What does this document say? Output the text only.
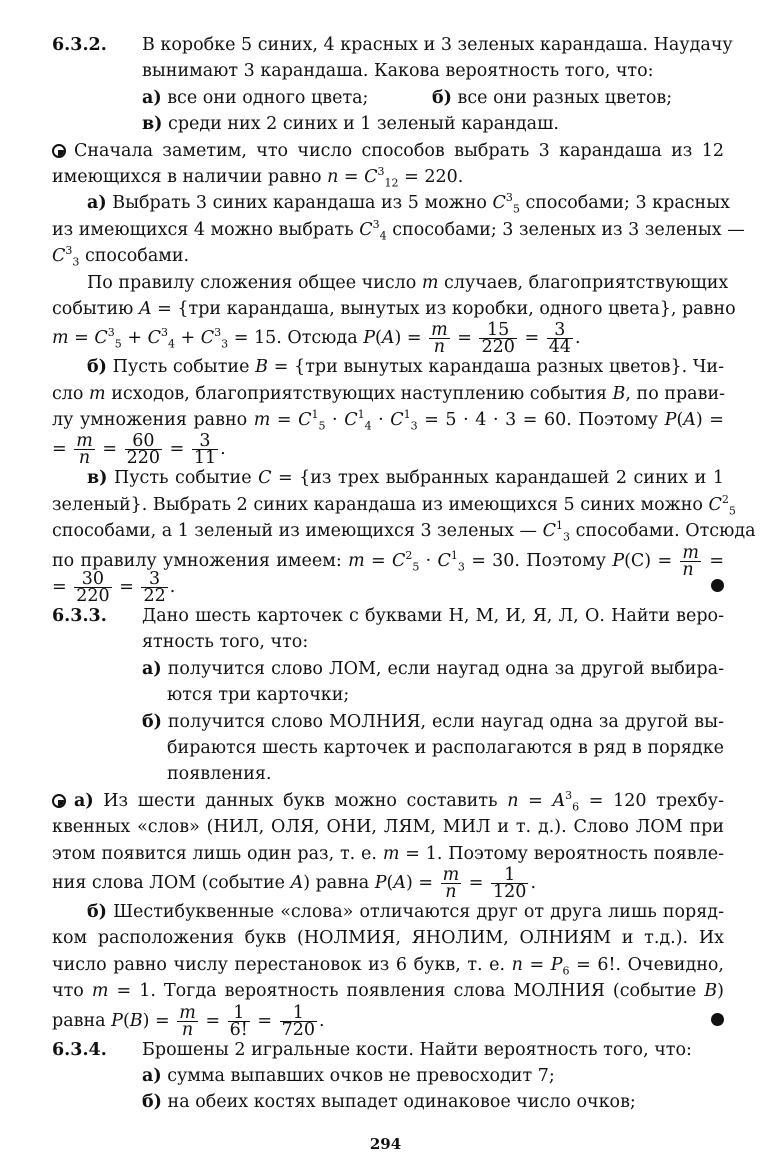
6.3.2. В коробке 5 синих, 4 красных и 3 зеленых карандаша. Наудачу
вынимают 3 карандаша. Какова вероятность того, что:
а) все они одного цвета;	б) все они разных цветов;
в) среди них 2 синих и 1 зеленый карандаш.
Сначала заметим, что число способов выбрать 3 карандаша из 12
имеющихся в наличии равно $n = C^3_{12} = 220$.
а) Выбрать 3 синих карандаша из 5 можно $C^3_5$ способами; 3 красных
из имеющихся 4 можно выбрать $C^3_4$ способами; 3 зеленых из 3 зеленых —
$C^3_3$ способами.
По правилу сложения общее число m случаев, благоприятствующих
событию A = {три карандаша, вынутых из коробки, одного цвета}, равно
$m = C^3_5 + C^3_4 + C^3_3 = 15$. Отсюда $P(A) = \frac{m}{n} = \frac{15}{220} = \frac{3}{44}$ .
б) Пусть событие B = {три вынутых карандаша разных цветов}. Чи-
сло m исходов, благоприятствующих наступлению события B, по прави-
лу умножения равно $m = C^1_5 \cdot C^1_4 \cdot C^1_3 = 5 \cdot 4 \cdot 3 = 60$. Поэтому P(A) =
= $\frac{m}{n} = \frac{60}{220} = \frac{3}{11}$ .
в) Пусть событие C = {из трех выбранных карандашей 2 синих и 1
зеленый}. Выбрать 2 синих карандаша из имеющихся 5 синих можно $C^2_5$
способами, а 1 зеленый из имеющихся 3 зеленых — $C^1_3$ способами. Отсюда
по правилу умножения имеем: $m = C^2_5 \cdot C^1_3 = 30$. Поэтому $P(C) = \frac{m}{n}$ =
= $\frac{30}{220} = \frac{3}{22}$ .
6.3.3. Дано шесть карточек с буквами Н, М, И, Я, Л, О. Найти веро-
ятность того, что:
а) получится слово ЛОМ, если наугад одна за другой выбира-
ются три карточки;
б) получится слово МОЛНИЯ, если наугад одна за другой вы-
бираются шесть карточек и располагаются в ряд в порядке
появления.
а) Из шести данных букв можно составить $n = A^3_6 = 120$ трехбу-
квенных «слов» (НИЛ, ОЛЯ, ОНИ, ЛЯМ, МИЛ и т. д.). Слово ЛОМ при
этом появится лишь один раз, т. е. m = 1. Поэтому вероятность появле-
ния слова ЛОМ (событие A) равна $P(A) = \frac{m}{n} = \frac{1}{120}$ .
б) Шестибуквенные «слова» отличаются друг от друга лишь поряд-
ком расположения букв (НОЛМИЯ, ЯНОЛИМ, ОЛНИЯМ и т.д.). Их
число равно числу перестановок из 6 букв, т. е. $n = P_6 = 6$!. Очевидно,
что m = 1. Тогда вероятность появления слова МОЛНИЯ (событие B)
равна $P(B) = \frac{m}{n} = \frac{1}{6!} = \frac{1}{720}$ .
6.3.4. Брошены 2 игральные кости. Найти вероятность того, что:
а) сумма выпавших очков не превосходит 7;
б) на обеих костях выпадет одинаковое число очков;
294
